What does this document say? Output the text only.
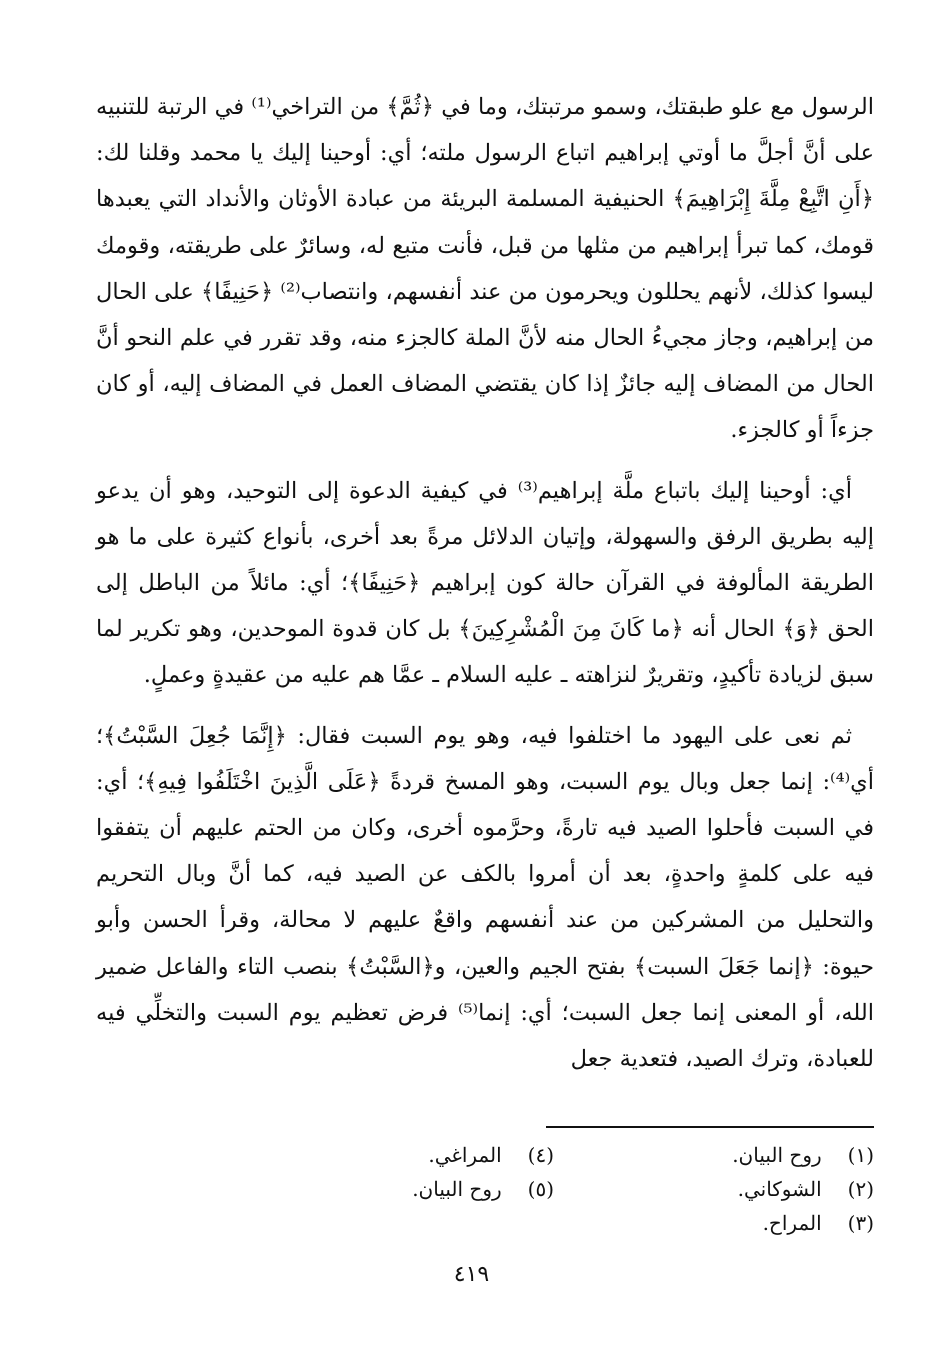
الرسول مع علو طبقتك، وسمو مرتبتك، وما في ﴿ثُمَّ﴾ من التراخي⁽¹⁾ في الرتبة للتنبيه على أنَّ أجلَّ ما أوتي إبراهيم اتباع الرسول ملته؛ أي: أوحينا إليك يا محمد وقلنا لك: ﴿أَنِ اتَّبِعْ مِلَّةَ إِبْرَاهِيمَ﴾ الحنيفية المسلمة البريئة من عبادة الأوثان والأنداد التي يعبدها قومك، كما تبرأ إبراهيم من مثلها من قبل، فأنت متبع له، وسائرٌ على طريقته، وقومك ليسوا كذلك، لأنهم يحللون ويحرمون من عند أنفسهم، وانتصاب⁽²⁾ ﴿حَنِيفًا﴾ على الحال من إبراهيم، وجاز مجيءُ الحال منه لأنَّ الملة كالجزء منه، وقد تقرر في علم النحو أنَّ الحال من المضاف إليه جائزٌ إذا كان يقتضي المضاف العمل في المضاف إليه، أو كان جزءاً أو كالجزء.

أي: أوحينا إليك باتباع ملَّة إبراهيم⁽³⁾ في كيفية الدعوة إلى التوحيد، وهو أن يدعو إليه بطريق الرفق والسهولة، وإتيان الدلائل مرةً بعد أخرى، بأنواع كثيرة على ما هو الطريقة المألوفة في القرآن حالة كون إبراهيم ﴿حَنِيفًا﴾؛ أي: مائلاً من الباطل إلى الحق ﴿وَ﴾ الحال أنه ﴿ما كَانَ مِنَ الْمُشْرِكِينَ﴾ بل كان قدوة الموحدين، وهو تكرير لما سبق لزيادة تأكيدٍ، وتقريرٌ لنزاهته ـ عليه السلام ـ عمَّا هم عليه من عقيدةٍ وعملٍ.

ثم نعى على اليهود ما اختلفوا فيه، وهو يوم السبت فقال: ﴿إِنَّمَا جُعِلَ السَّبْتُ﴾؛ أي⁽⁴⁾: إنما جعل وبال يوم السبت، وهو المسخ قردةً ﴿عَلَى الَّذِينَ اخْتَلَفُوا فِيهِ﴾؛ أي: في السبت فأحلوا الصيد فيه تارةً، وحرَّموه أخرى، وكان من الحتم عليهم أن يتفقوا فيه على كلمةٍ واحدةٍ، بعد أن أمروا بالكف عن الصيد فيه، كما أنَّ وبال التحريم والتحليل من المشركين من عند أنفسهم واقعٌ عليهم لا محالة، وقرأ الحسن وأبو حيوة: ﴿إنما جَعَلَ السبت﴾ بفتح الجيم والعين، و﴿السَّبْتُ﴾ بنصب التاء والفاعل ضمير الله، أو المعنى إنما جعل السبت؛ أي: إنما⁽⁵⁾ فرض تعظيم يوم السبت والتخلِّي فيه للعبادة، وترك الصيد، فتعدية جعل

(١) روح البيان.
(٢) الشوكاني.
(٣) المراح.
(٤) المراغي.
(٥) روح البيان.
٤١٩
